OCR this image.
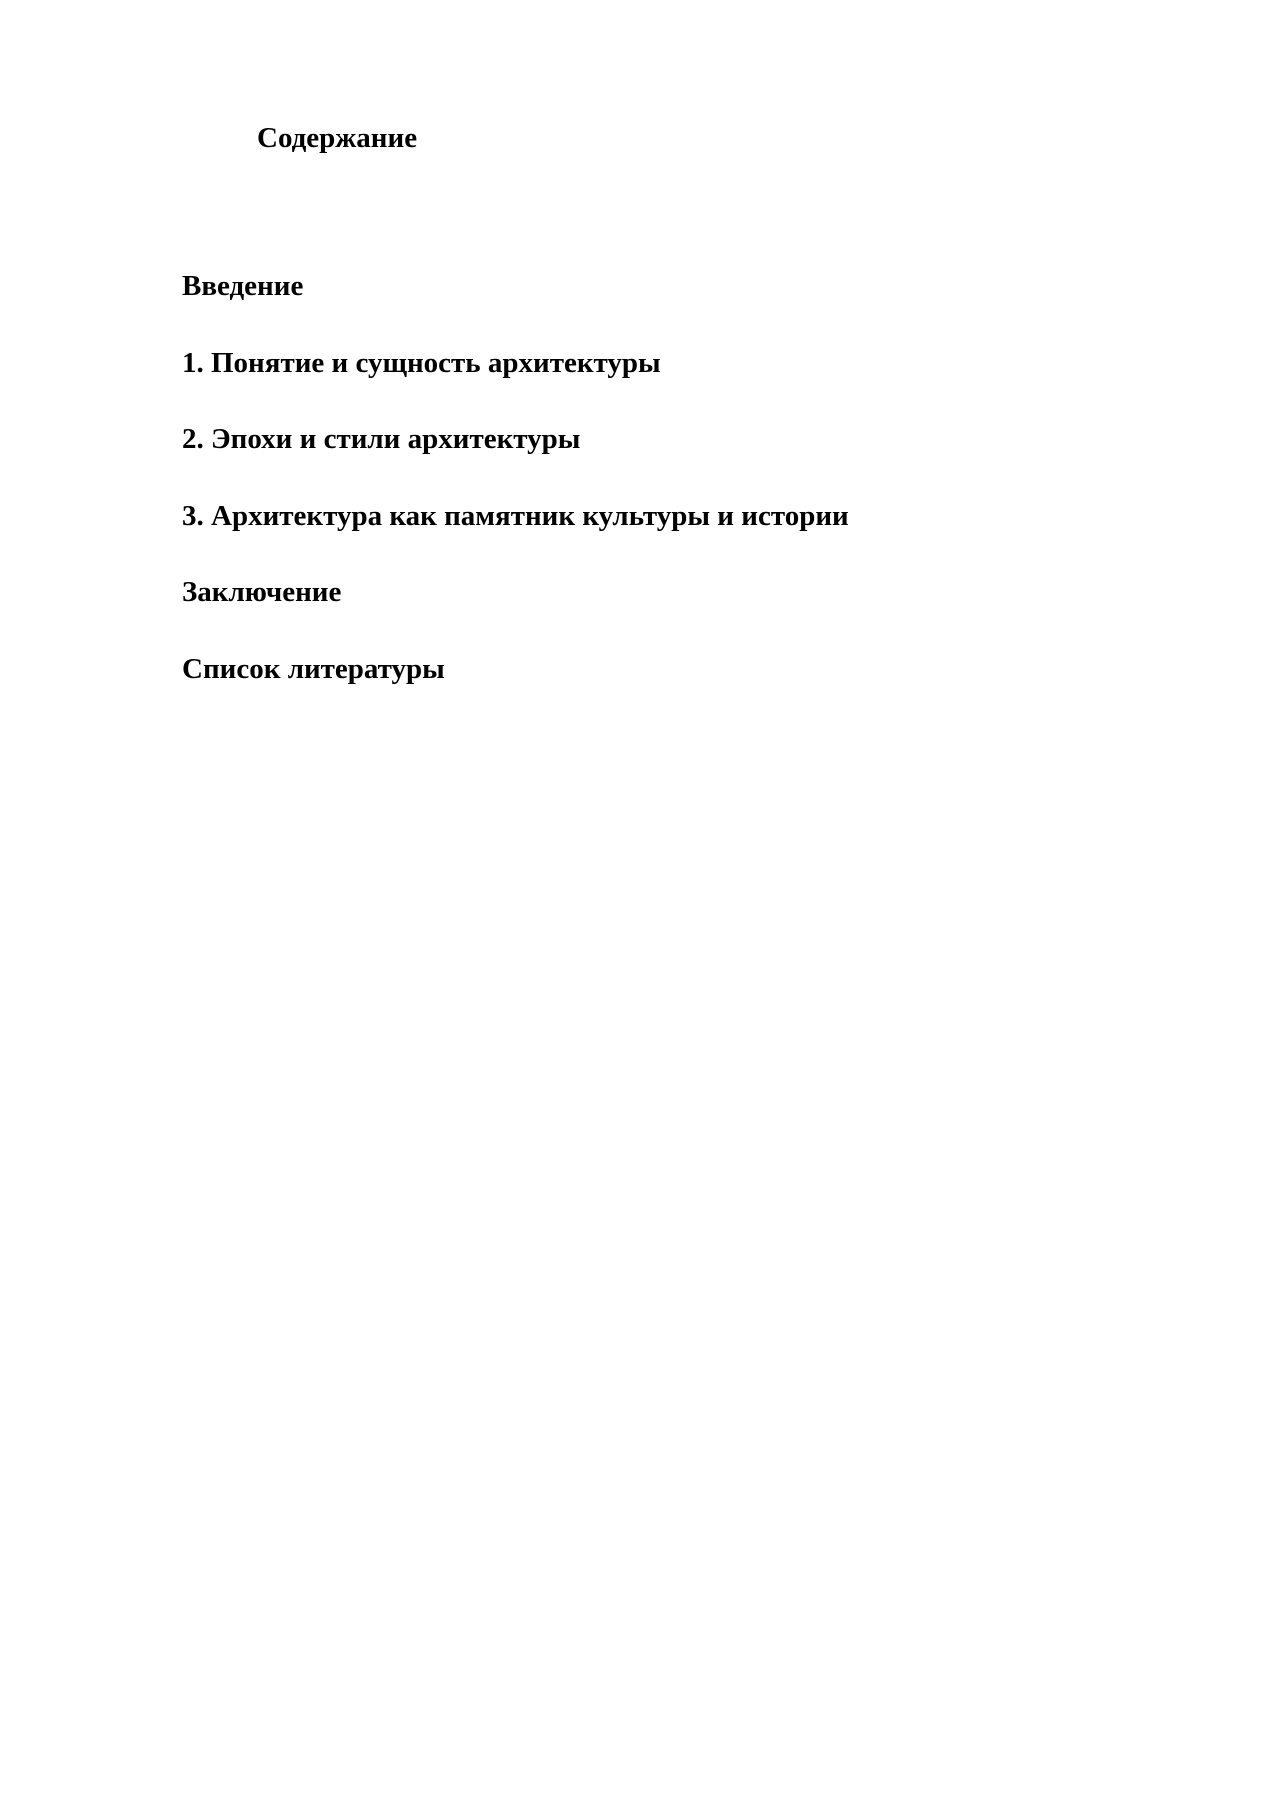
Содержание
Введение
1. Понятие и сущность архитектуры
2. Эпохи и стили архитектуры
3. Архитектура как памятник культуры и истории
Заключение
Список литературы
